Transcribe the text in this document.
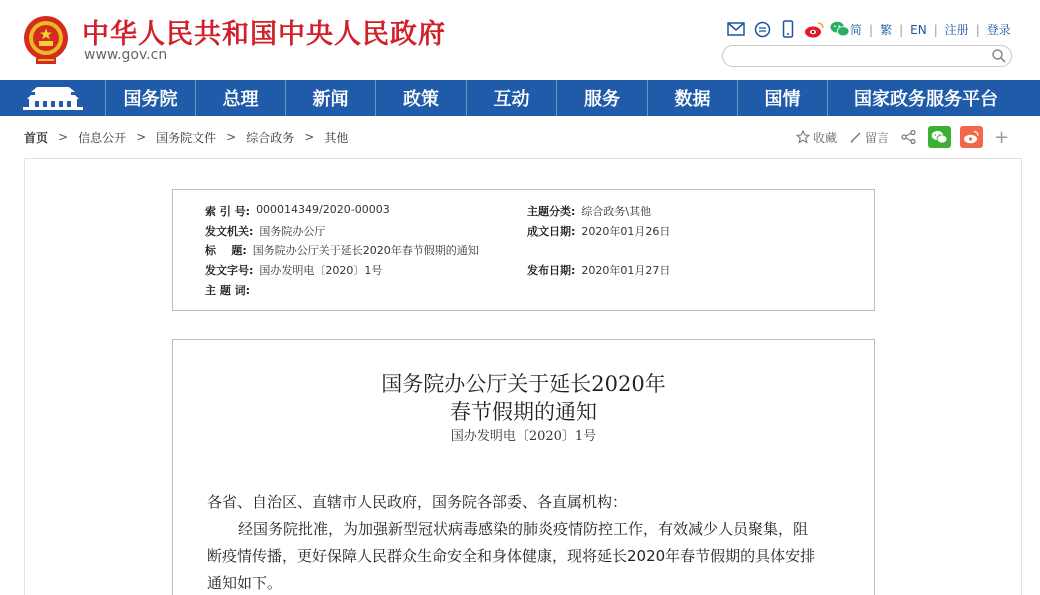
中华人民共和国中央人民政府
www.gov.cn
简 | 繁 | EN | 注册 | 登录
国务院	总理	新闻	政策	互动	服务	数据	国情	国家政务服务平台
首页 > 信息公开 > 国务院文件 > 综合政务 > 其他	收藏 留言	+
索 引 号: 000014349/2020-00003	主题分类: 综合政务\其他
发文机关: 国务院办公厅	成文日期: 2020年01月26日
标    题: 国务院办公厅关于延长2020年春节假期的通知
发文字号: 国办发明电〔2020〕1号	发布日期: 2020年01月27日
主 题 词:
国务院办公厅关于延长2020年
春节假期的通知
国办发明电〔2020〕1号
各省、自治区、直辖市人民政府，国务院各部委、各直属机构：
经国务院批准，为加强新型冠状病毒感染的肺炎疫情防控工作，有效减少人员聚集，阻
断疫情传播，更好保障人民群众生命安全和身体健康，现将延长2020年春节假期的具体安排
通知如下。
